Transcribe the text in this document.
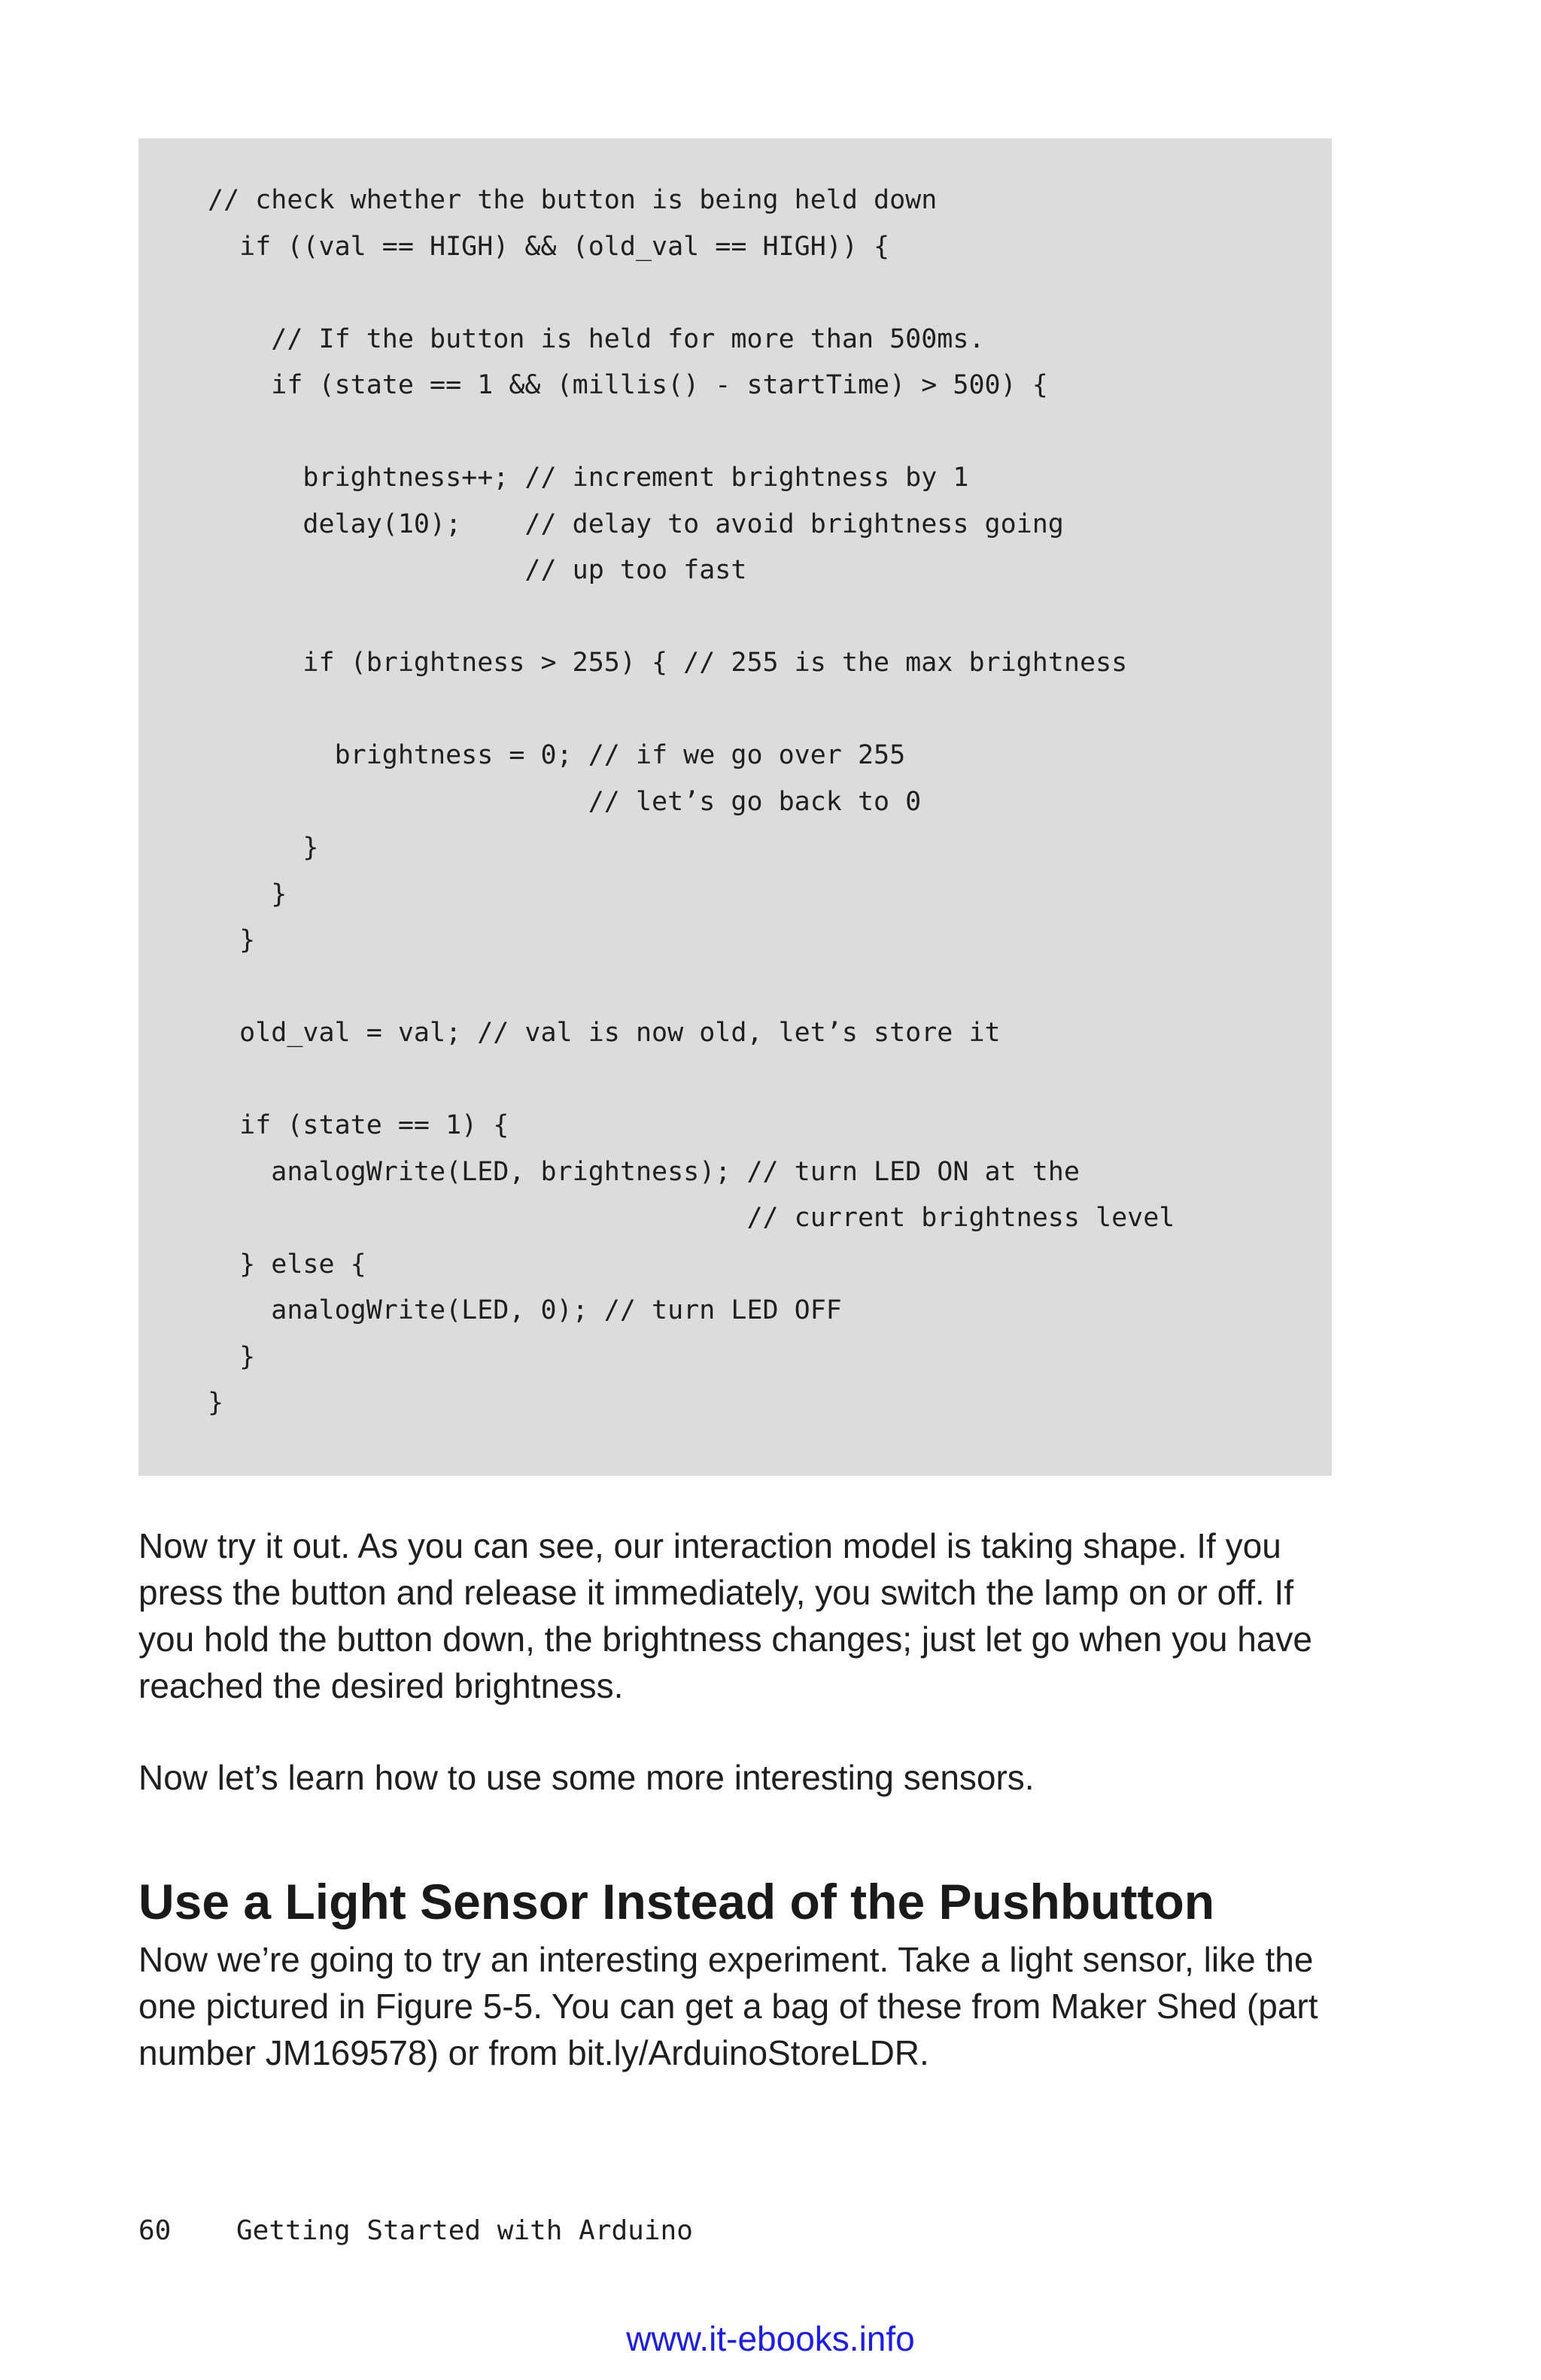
// check whether the button is being held down
if ((val == HIGH) && (old_val == HIGH)) {
// If the button is held for more than 500ms.
if (state == 1 && (millis() - startTime) > 500) {
brightness++; // increment brightness by 1
delay(10);    // delay to avoid brightness going
// up too fast
if (brightness > 255) { // 255 is the max brightness
brightness = 0; // if we go over 255
// let’s go back to 0
}
}
}
old_val = val; // val is now old, let’s store it
if (state == 1) {
analogWrite(LED, brightness); // turn LED ON at the
// current brightness level
} else {
analogWrite(LED, 0); // turn LED OFF
}
}

Now try it out. As you can see, our interaction model is taking shape. If you press the button and release it immediately, you switch the lamp on or off. If you hold the button down, the brightness changes; just let go when you have reached the desired brightness.

Now let’s learn how to use some more interesting sensors.

Use a Light Sensor Instead of the Pushbutton

Now we’re going to try an interesting experiment. Take a light sensor, like the one pictured in Figure 5-5. You can get a bag of these from Maker Shed (part number JM169578) or from bit.ly/ArduinoStoreLDR.

60 Getting Started with Arduino
www.it-ebooks.info
